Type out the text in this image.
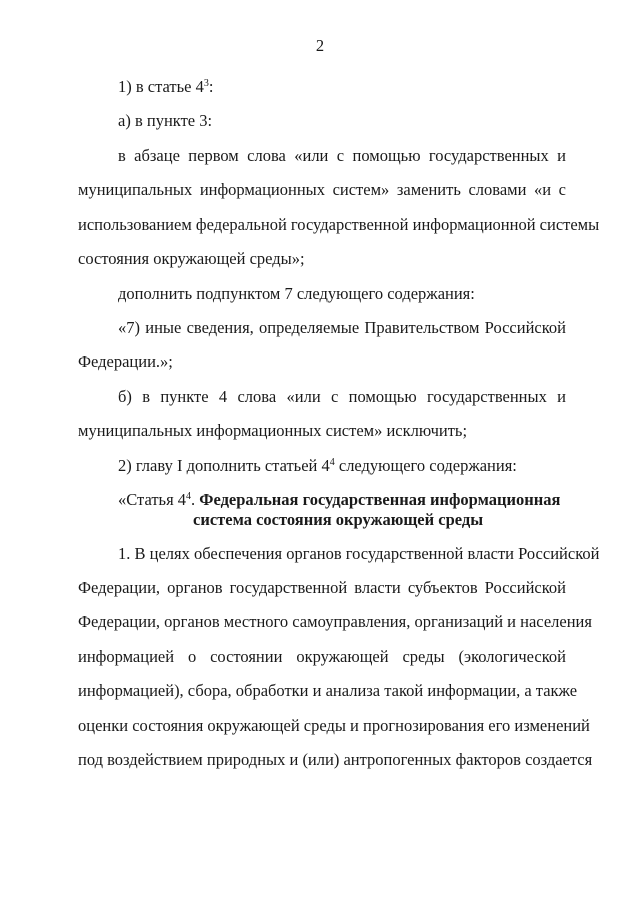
2
1) в статье $4^3$:
а) в пункте 3:
в абзаце первом слова «или с помощью государственных и
муниципальных информационных систем» заменить словами «и с
использованием федеральной государственной информационной системы
состояния окружающей среды»;
дополнить подпунктом 7 следующего содержания:
«7) иные сведения, определяемые Правительством Российской
Федерации.»;
б) в пункте 4 слова «или с помощью государственных и
муниципальных информационных систем» исключить;
2) главу I дополнить статьей $4^4$ следующего содержания:
«Статья $4^4$. Федеральная государственная информационная
система состояния окружающей среды
1. В целях обеспечения органов государственной власти Российской
Федерации, органов государственной власти субъектов Российской
Федерации, органов местного самоуправления, организаций и населения
информацией о состоянии окружающей среды (экологической
информацией), сбора, обработки и анализа такой информации, а также
оценки состояния окружающей среды и прогнозирования его изменений
под воздействием природных и (или) антропогенных факторов создается
